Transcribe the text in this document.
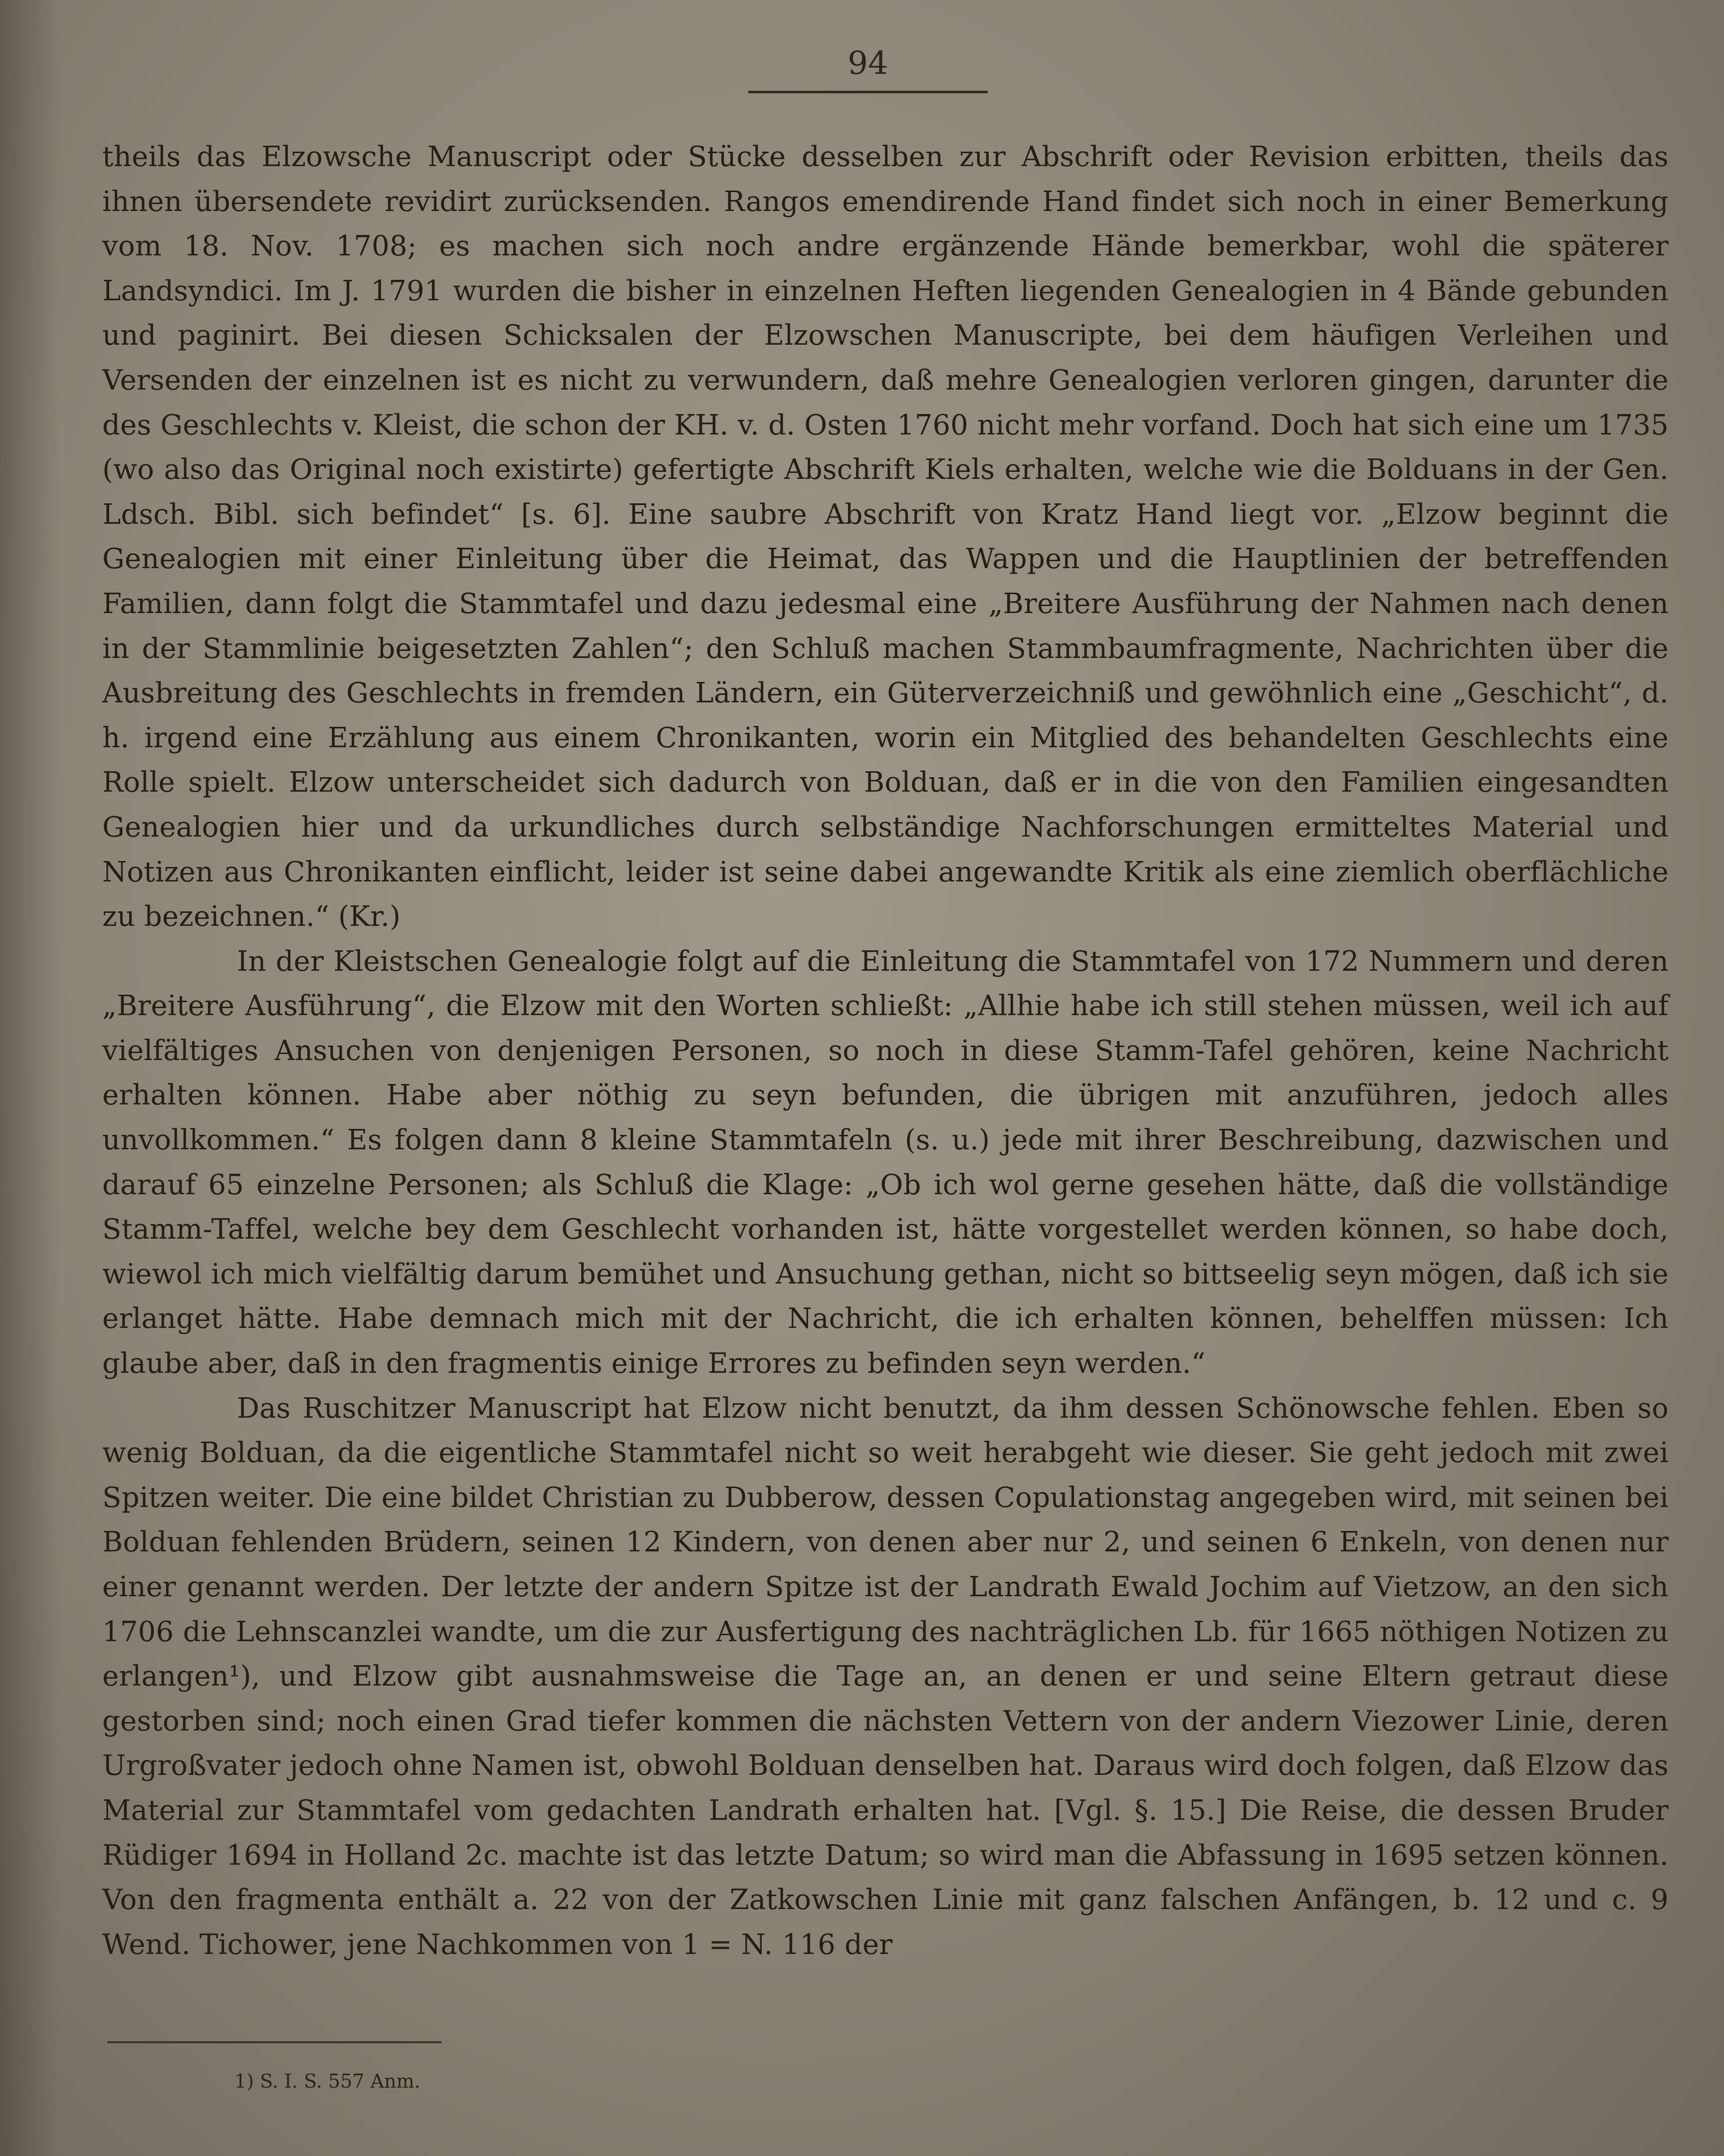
94

theils das Elzowsche Manuscript oder Stücke desselben zur Abschrift oder Revision erbitten, theils das ihnen übersendete revidirt zurücksenden. Rangos emendirende Hand findet sich noch in einer Bemerkung vom 18. Nov. 1708; es machen sich noch andre ergänzende Hände bemerkbar, wohl die späterer Landsyndici. Im J. 1791 wurden die bisher in einzelnen Heften liegenden Genealogien in 4 Bände gebunden und paginirt. Bei diesen Schicksalen der Elzowschen Manuscripte, bei dem häufigen Verleihen und Versenden der einzelnen ist es nicht zu verwundern, daß mehre Genealogien verloren gingen, darunter die des Geschlechts v. Kleist, die schon der KH. v. d. Osten 1760 nicht mehr vorfand. Doch hat sich eine um 1735 (wo also das Original noch existirte) gefertigte Abschrift Kiels erhalten, welche wie die Bolduans in der Gen. Ldsch. Bibl. sich befindet“ [s. 6]. Eine saubre Abschrift von Kratz Hand liegt vor. „Elzow beginnt die Genealogien mit einer Einleitung über die Heimat, das Wappen und die Hauptlinien der betreffenden Familien, dann folgt die Stammtafel und dazu jedesmal eine „Breitere Ausführung der Nahmen nach denen in der Stammlinie beigesetzten Zahlen“; den Schluß machen Stammbaumfragmente, Nachrichten über die Ausbreitung des Geschlechts in fremden Ländern, ein Güterverzeichniß und gewöhnlich eine „Geschicht“, d. h. irgend eine Erzählung aus einem Chronikanten, worin ein Mitglied des behandelten Geschlechts eine Rolle spielt. Elzow unterscheidet sich dadurch von Bolduan, daß er in die von den Familien eingesandten Genealogien hier und da urkundliches durch selbständige Nachforschungen ermitteltes Material und Notizen aus Chronikanten einflicht, leider ist seine dabei angewandte Kritik als eine ziemlich oberflächliche zu bezeichnen.“ (Kr.)

In der Kleistschen Genealogie folgt auf die Einleitung die Stammtafel von 172 Nummern und deren „Breitere Ausführung“, die Elzow mit den Worten schließt: „Allhie habe ich still stehen müssen, weil ich auf vielfältiges Ansuchen von denjenigen Personen, so noch in diese Stamm-Tafel gehören, keine Nachricht erhalten können. Habe aber nöthig zu seyn befunden, die übrigen mit anzuführen, jedoch alles unvollkommen.“ Es folgen dann 8 kleine Stammtafeln (s. u.) jede mit ihrer Beschreibung, dazwischen und darauf 65 einzelne Personen; als Schluß die Klage: „Ob ich wol gerne gesehen hätte, daß die vollständige Stamm-Taffel, welche bey dem Geschlecht vorhanden ist, hätte vorgestellet werden können, so habe doch, wiewol ich mich vielfältig darum bemühet und Ansuchung gethan, nicht so bittseelig seyn mögen, daß ich sie erlanget hätte. Habe demnach mich mit der Nachricht, die ich erhalten können, behelffen müssen: Ich glaube aber, daß in den fragmentis einige Errores zu befinden seyn werden.“

Das Ruschitzer Manuscript hat Elzow nicht benutzt, da ihm dessen Schönowsche fehlen. Eben so wenig Bolduan, da die eigentliche Stammtafel nicht so weit herabgeht wie dieser. Sie geht jedoch mit zwei Spitzen weiter. Die eine bildet Christian zu Dubberow, dessen Copulationstag angegeben wird, mit seinen bei Bolduan fehlenden Brüdern, seinen 12 Kindern, von denen aber nur 2, und seinen 6 Enkeln, von denen nur einer genannt werden. Der letzte der andern Spitze ist der Landrath Ewald Jochim auf Vietzow, an den sich 1706 die Lehnscanzlei wandte, um die zur Ausfertigung des nachträglichen Lb. für 1665 nöthigen Notizen zu erlangen¹), und Elzow gibt ausnahmsweise die Tage an, an denen er und seine Eltern getraut diese gestorben sind; noch einen Grad tiefer kommen die nächsten Vettern von der andern Viezower Linie, deren Urgroßvater jedoch ohne Namen ist, obwohl Bolduan denselben hat. Daraus wird doch folgen, daß Elzow das Material zur Stammtafel vom gedachten Landrath erhalten hat. [Vgl. §. 15.] Die Reise, die dessen Bruder Rüdiger 1694 in Holland 2c. machte ist das letzte Datum; so wird man die Abfassung in 1695 setzen können. Von den fragmenta enthält a. 22 von der Zatkowschen Linie mit ganz falschen Anfängen, b. 12 und c. 9 Wend. Tichower, jene Nachkommen von 1 = N. 116 der

1) S. I. S. 557 Anm.
